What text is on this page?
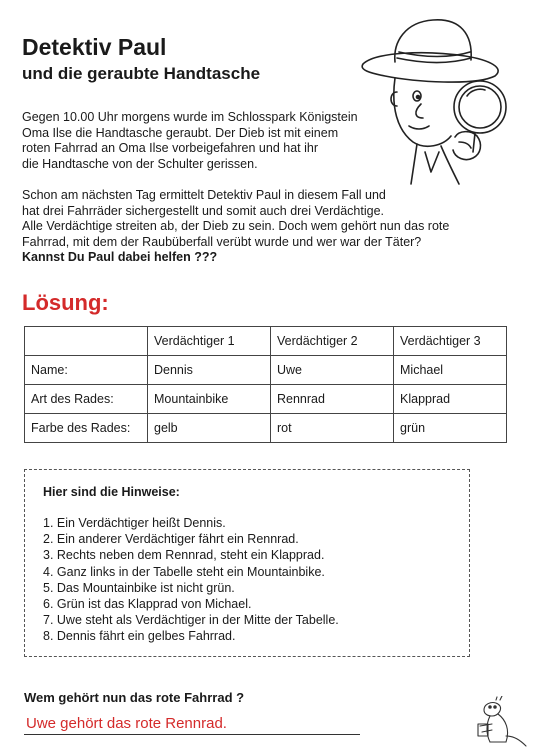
Detektiv Paul
und die geraubte Handtasche
Gegen 10.00 Uhr morgens wurde im Schlosspark Königstein
Oma Ilse die Handtasche geraubt. Der Dieb ist mit einem
roten Fahrrad an Oma Ilse vorbeigefahren und hat ihr
die Handtasche von der Schulter gerissen.
Schon am nächsten Tag ermittelt Detektiv Paul in diesem Fall und
hat drei Fahrräder sichergestellt und somit auch drei Verdächtige.
Alle Verdächtige streiten ab, der Dieb zu sein. Doch wem gehört nun das rote
Fahrrad, mit dem der Raubüberfall verübt wurde und wer war der Täter?
Kannst Du Paul dabei helfen ???
Lösung:
	Verdächtiger 1	Verdächtiger 2	Verdächtiger 3
Name:	Dennis	Uwe	Michael
Art des Rades:	Mountainbike	Rennrad	Klapprad
Farbe des Rades:	gelb	rot	grün
Hier sind die Hinweise:
1. Ein Verdächtiger heißt Dennis.
2. Ein anderer Verdächtiger fährt ein Rennrad.
3. Rechts neben dem Rennrad, steht ein Klapprad.
4. Ganz links in der Tabelle steht ein Mountainbike.
5. Das Mountainbike ist nicht grün.
6. Grün ist das Klapprad von Michael.
7. Uwe steht als Verdächtiger in der Mitte der Tabelle.
8. Dennis fährt ein gelbes Fahrrad.
Wem gehört nun das rote Fahrrad ?
Uwe gehört das rote Rennrad.
